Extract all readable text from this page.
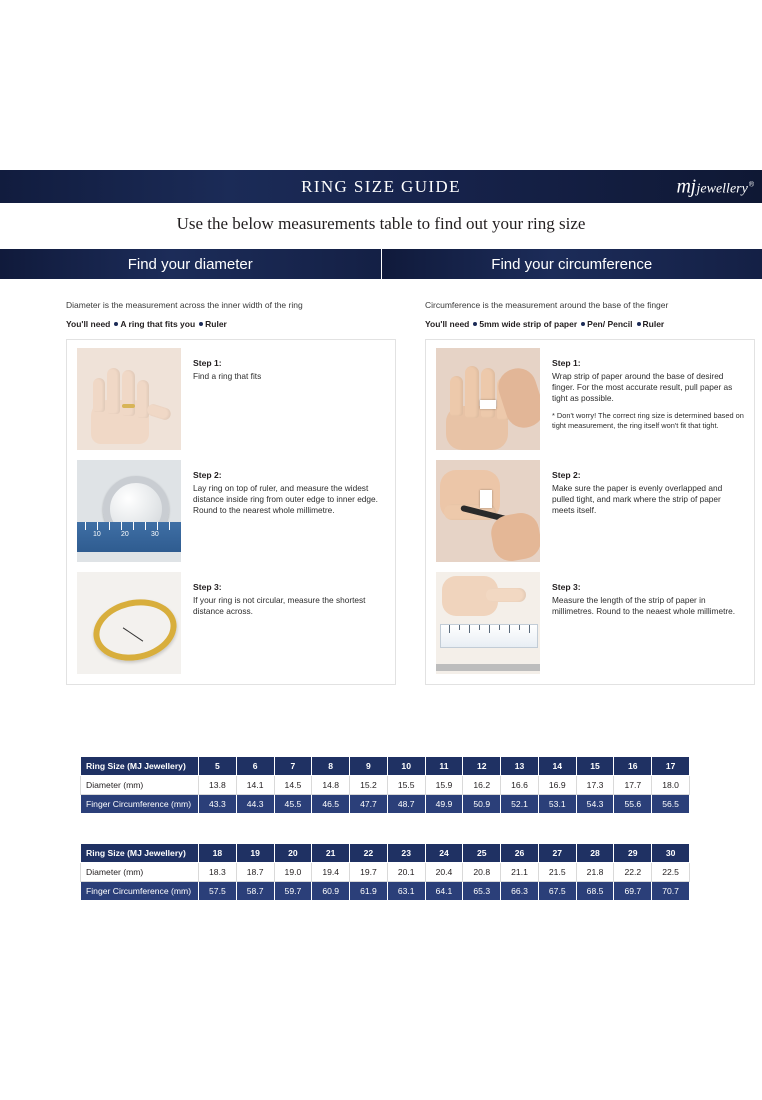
RING SIZE GUIDE	mj jewellery ®
Use the below measurements table to find out your ring size
Find your diameter	Find your circumference
Diameter is the measurement across the inner width of the ring
You'll need A ring that fits you Ruler
Step 1:
Find a ring that fits
10	20	30
Step 2:
Lay ring on top of ruler, and measure the widest distance inside ring from outer edge to inner edge. Round to the nearest whole millimetre.
Step 3:
If your ring is not circular, measure the shortest distance across.
Circumference is the measurement around the base of the finger
You'll need 5mm wide strip of paper Pen/ Pencil Ruler
Step 1:
Wrap strip of paper around the base of desired finger. For the most accurate result, pull paper as tight as possible.
* Don't worry! The correct ring size is determined based on tight measurement, the ring itself won't fit that tight.
Step 2:
Make sure the paper is evenly overlapped and pulled tight, and mark where the strip of paper meets itself.
Step 3:
Measure the length of the strip of paper in millimetres. Round to the neaest whole millimetre.
Ring Size (MJ Jewellery)	5	6	7	8	9	10	11	12	13	14	15	16	17
Diameter (mm)	13.8	14.1	14.5	14.8	15.2	15.5	15.9	16.2	16.6	16.9	17.3	17.7	18.0
Finger Circumference (mm)	43.3	44.3	45.5	46.5	47.7	48.7	49.9	50.9	52.1	53.1	54.3	55.6	56.5
Ring Size (MJ Jewellery)	18	19	20	21	22	23	24	25	26	27	28	29	30
Diameter (mm)	18.3	18.7	19.0	19.4	19.7	20.1	20.4	20.8	21.1	21.5	21.8	22.2	22.5
Finger Circumference (mm)	57.5	58.7	59.7	60.9	61.9	63.1	64.1	65.3	66.3	67.5	68.5	69.7	70.7
